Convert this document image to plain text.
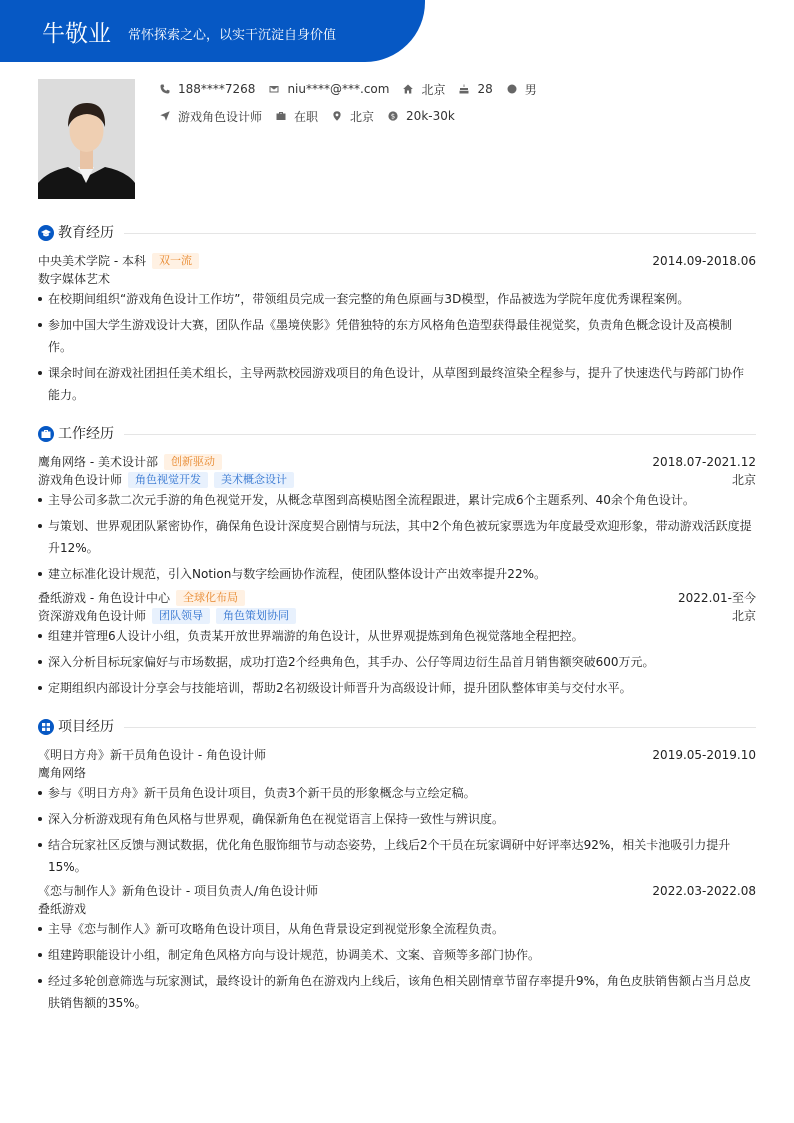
牛敬业 常怀探索之心，以实干沉淀自身价值
188****7268	niu****@***.com	北京	28	男
游戏角色设计师	在职	北京 $ 20k-30k
教育经历
中央美术学院 - 本科	双一流	2014.09-2018.06
数字媒体艺术
在校期间组织“游戏角色设计工作坊”，带领组员完成一套完整的角色原画与3D模型，作品被选为学院年度优秀课程案例。
参加中国大学生游戏设计大赛，团队作品《墨境侠影》凭借独特的东方风格角色造型获得最佳视觉奖，负责角色概念设计及高模制
作。
课余时间在游戏社团担任美术组长，主导两款校园游戏项目的角色设计，从草图到最终渲染全程参与，提升了快速迭代与跨部门协作
能力。
工作经历
鹰角网络 - 美术设计部	创新驱动	2018.07-2021.12
游戏角色设计师	角色视觉开发	美术概念设计	北京
主导公司多款二次元手游的角色视觉开发，从概念草图到高模贴图全流程跟进，累计完成6个主题系列、40余个角色设计。
与策划、世界观团队紧密协作，确保角色设计深度契合剧情与玩法，其中2个角色被玩家票选为年度最受欢迎形象，带动游戏活跃度提
升12%。
建立标准化设计规范，引入Notion与数字绘画协作流程，使团队整体设计产出效率提升22%。
叠纸游戏 - 角色设计中心	全球化布局	2022.01-至今
资深游戏角色设计师	团队领导	角色策划协同	北京
组建并管理6人设计小组，负责某开放世界端游的角色设计，从世界观提炼到角色视觉落地全程把控。
深入分析目标玩家偏好与市场数据，成功打造2个经典角色，其手办、公仔等周边衍生品首月销售额突破600万元。
定期组织内部设计分享会与技能培训，帮助2名初级设计师晋升为高级设计师，提升团队整体审美与交付水平。
项目经历
《明日方舟》新干员角色设计 - 角色设计师	2019.05-2019.10
鹰角网络
参与《明日方舟》新干员角色设计项目，负责3个新干员的形象概念与立绘定稿。
深入分析游戏现有角色风格与世界观，确保新角色在视觉语言上保持一致性与辨识度。
结合玩家社区反馈与测试数据，优化角色服饰细节与动态姿势，上线后2个干员在玩家调研中好评率达92%，相关卡池吸引力提升
15%。
《恋与制作人》新角色设计 - 项目负责人/角色设计师	2022.03-2022.08
叠纸游戏
主导《恋与制作人》新可攻略角色设计项目，从角色背景设定到视觉形象全流程负责。
组建跨职能设计小组，制定角色风格方向与设计规范，协调美术、文案、音频等多部门协作。
经过多轮创意筛选与玩家测试，最终设计的新角色在游戏内上线后，该角色相关剧情章节留存率提升9%，角色皮肤销售额占当月总皮
肤销售额的35%。
